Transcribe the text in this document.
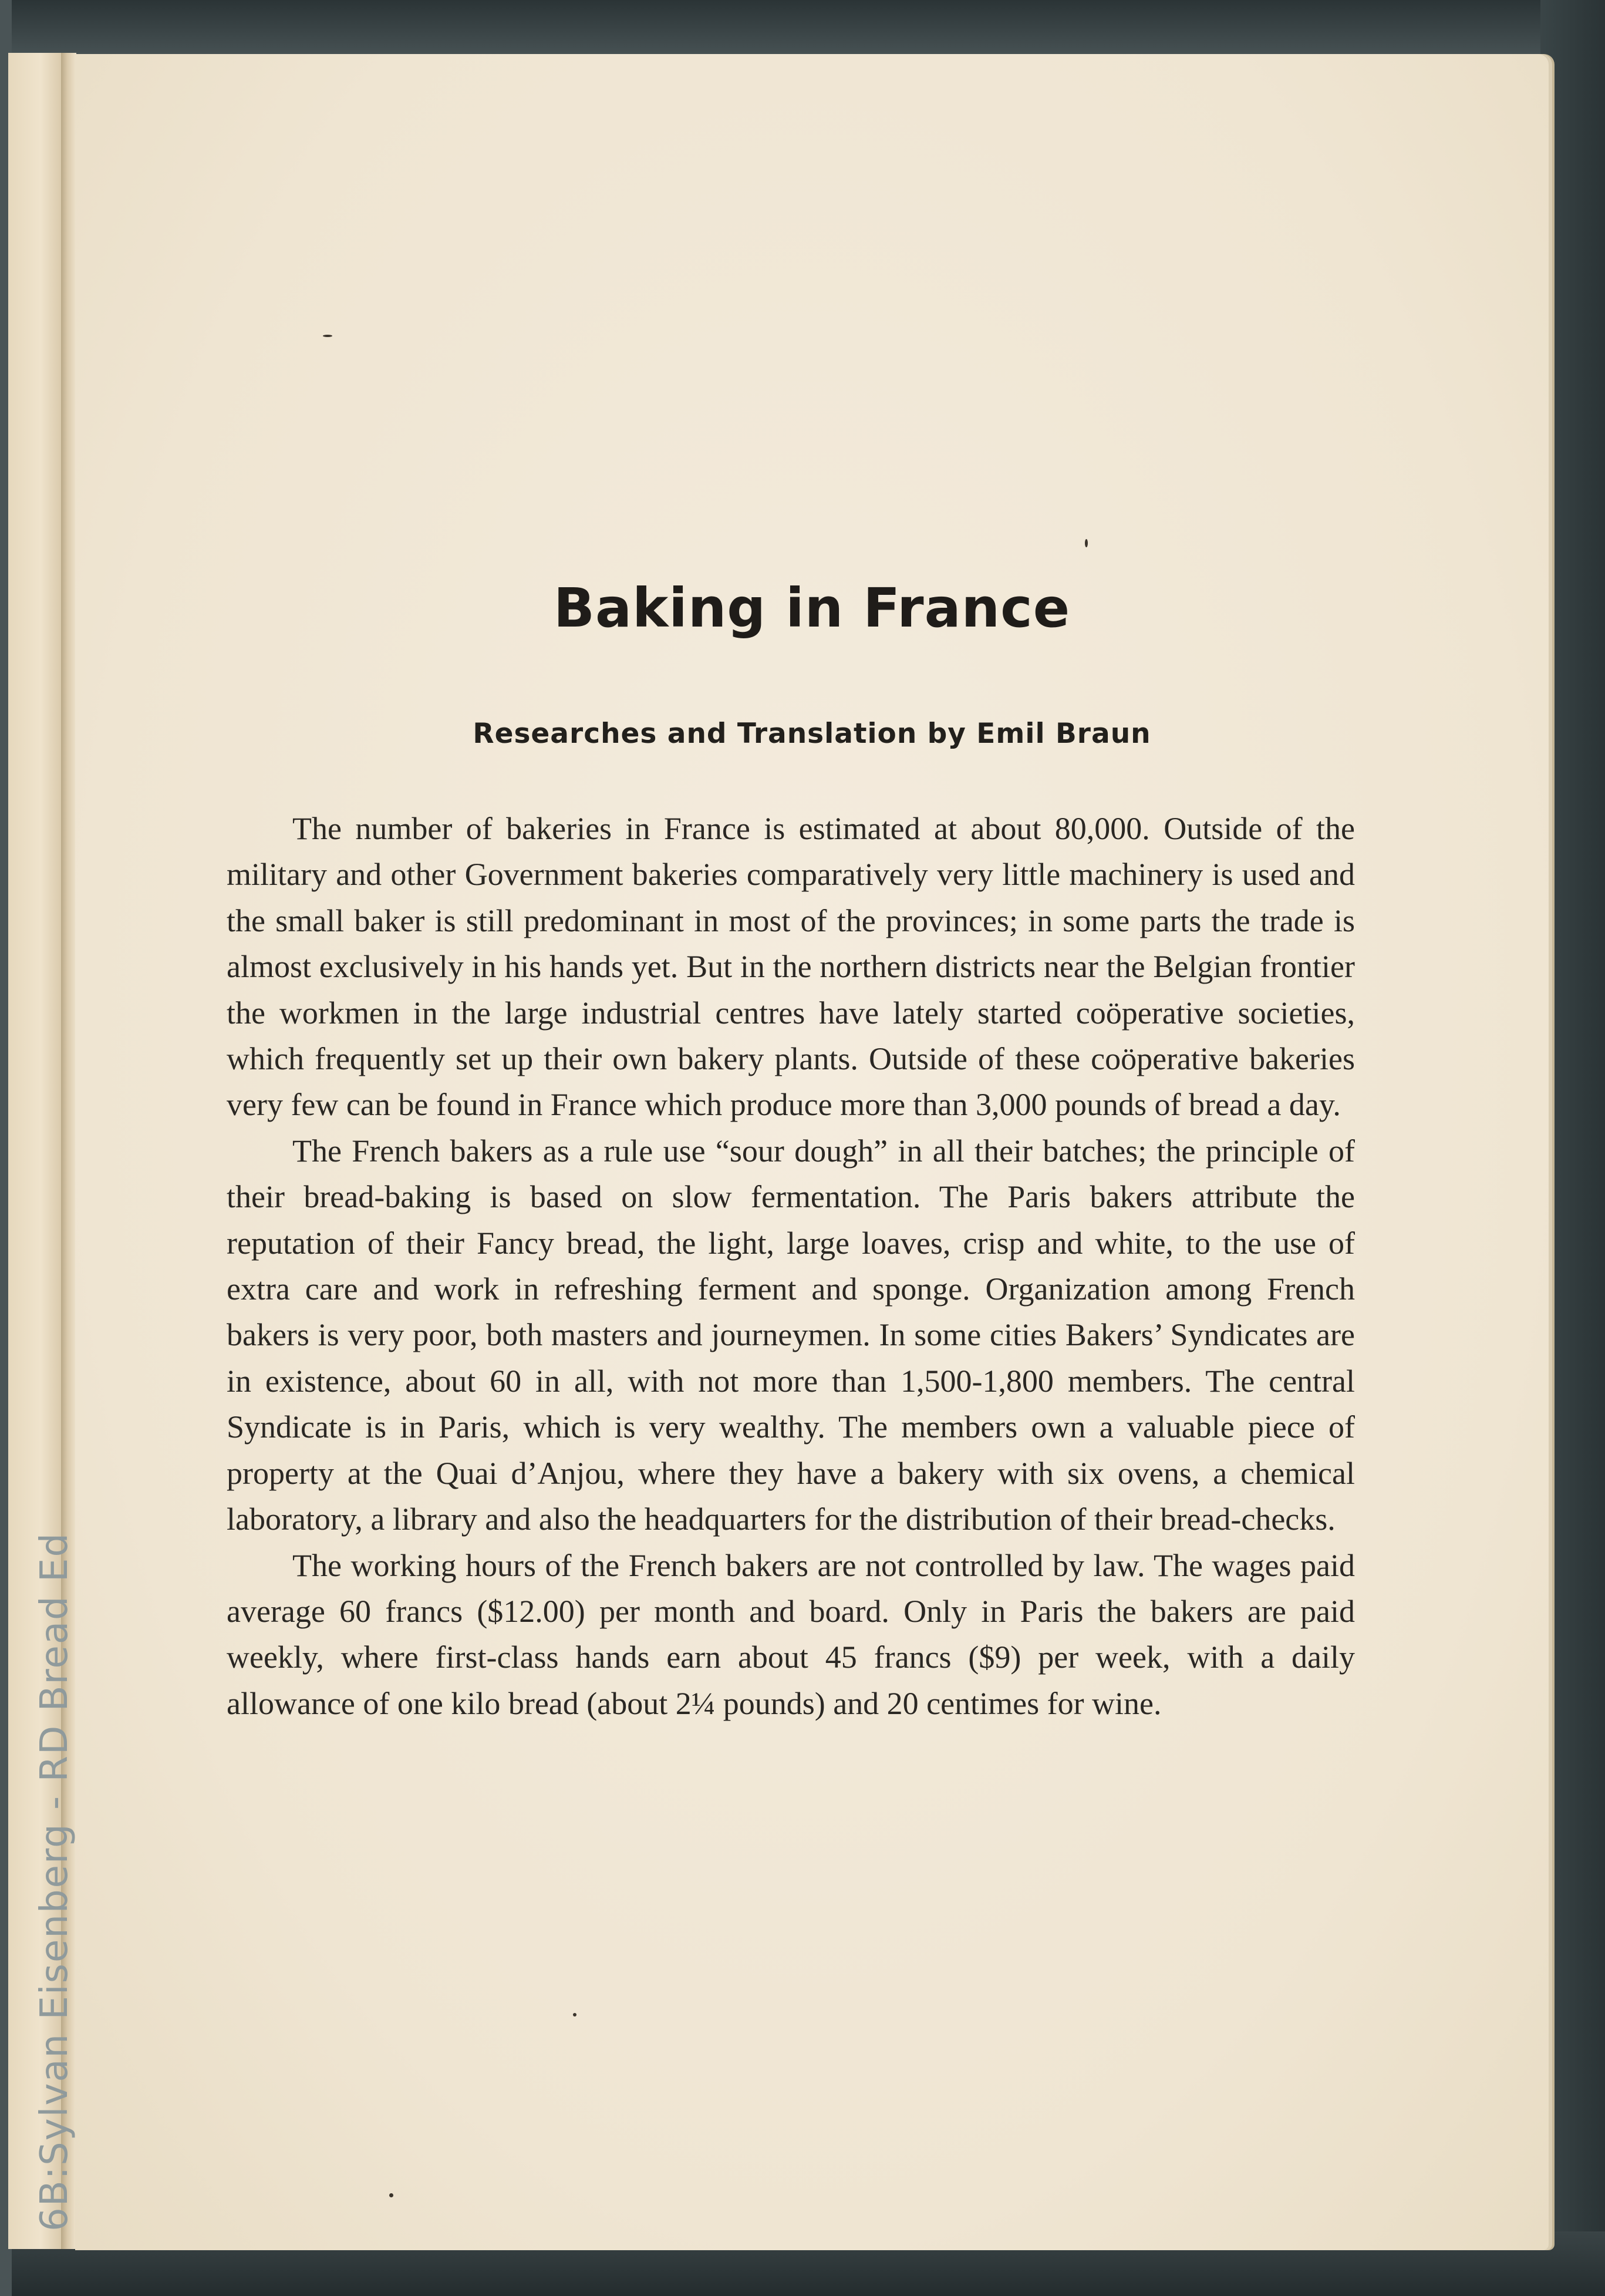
Baking in France
Researches and Translation by Emil Braun

The number of bakeries in France is estimated at about 80,000. Outside of the military and other Government bakeries comparatively very little machinery is used and the small baker is still predominant in most of the provinces; in some parts the trade is almost exclusively in his hands yet. But in the northern districts near the Belgian frontier the workmen in the large industrial centres have lately started coöperative societies, which frequently set up their own bakery plants. Outside of these coöperative bakeries very few can be found in France which produce more than 3,000 pounds of bread a day.

The French bakers as a rule use “sour dough” in all their batches; the principle of their bread-baking is based on slow fermentation. The Paris bakers attribute the reputation of their Fancy bread, the light, large loaves, crisp and white, to the use of extra care and work in refreshing ferment and sponge. Organization among French bakers is very poor, both masters and journeymen. In some cities Bakers’ Syndicates are in existence, about 60 in all, with not more than 1,500-1,800 members. The central Syndicate is in Paris, which is very wealthy. The members own a valuable piece of property at the Quai d’Anjou, where they have a bakery with six ovens, a chemical laboratory, a library and also the headquarters for the distribution of their bread-checks.

The working hours of the French bakers are not controlled by law. The wages paid average 60 francs ($12.00) per month and board. Only in Paris the bakers are paid weekly, where first-class hands earn about 45 francs ($9) per week, with a daily allowance of one kilo bread (about 2¼ pounds) and 20 centimes for wine.

6B:Sylvan Eisenberg - RD Bread Ed
